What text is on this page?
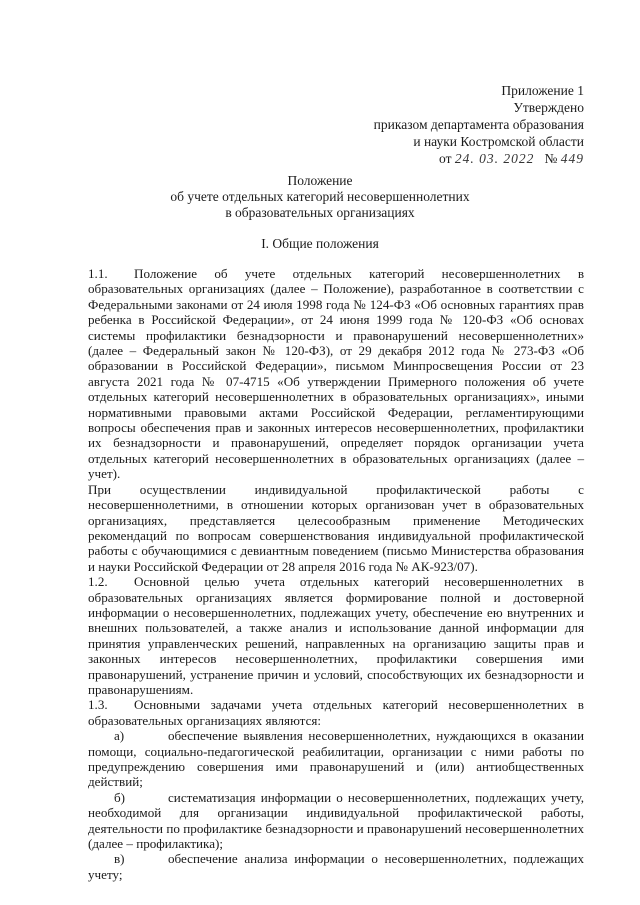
Приложение 1
Утверждено
приказом департамента образования
и науки Костромской области
от 24. 03. 2022 № 449
Положение
об учете отдельных категорий несовершеннолетних
в образовательных организациях
I. Общие положения

1.1. Положение об учете отдельных категорий несовершеннолетних в образовательных организациях (далее – Положение), разработанное в соответствии с Федеральными законами от 24 июля 1998 года № 124-ФЗ «Об основных гарантиях прав ребенка в Российской Федерации», от 24 июня 1999 года № 120-ФЗ «Об основах системы профилактики безнадзорности и правонарушений несовершеннолетних» (далее – Федеральный закон № 120-ФЗ), от 29 декабря 2012 года № 273-ФЗ «Об образовании в Российской Федерации», письмом Минпросвещения России от 23 августа 2021 года № 07-4715 «Об утверждении Примерного положения об учете отдельных категорий несовершеннолетних в образовательных организациях», иными нормативными правовыми актами Российской Федерации, регламентирующими вопросы обеспечения прав и законных интересов несовершеннолетних, профилактики их безнадзорности и правонарушений, определяет порядок организации учета отдельных категорий несовершеннолетних в образовательных организациях (далее – учет).

При осуществлении индивидуальной профилактической работы с несовершеннолетними, в отношении которых организован учет в образовательных организациях, представляется целесообразным применение Методических рекомендаций по вопросам совершенствования индивидуальной профилактической работы с обучающимися с девиантным поведением (письмо Министерства образования и науки Российской Федерации от 28 апреля 2016 года № АК-923/07).

1.2. Основной целью учета отдельных категорий несовершеннолетних в образовательных организациях является формирование полной и достоверной информации о несовершеннолетних, подлежащих учету, обеспечение ею внутренних и внешних пользователей, а также анализ и использование данной информации для принятия управленческих решений, направленных на организацию защиты прав и законных интересов несовершеннолетних, профилактики совершения ими правонарушений, устранение причин и условий, способствующих их безнадзорности и правонарушениям.

1.3. Основными задачами учета отдельных категорий несовершеннолетних в образовательных организациях являются:

а)	обеспечение выявления несовершеннолетних, нуждающихся в оказании помощи, социально-педагогической реабилитации, организации с ними работы по предупреждению совершения ими правонарушений и (или) антиобщественных действий;

б)	систематизация информации о несовершеннолетних, подлежащих учету, необходимой для организации индивидуальной профилактической работы, деятельности по профилактике безнадзорности и правонарушений несовершеннолетних (далее – профилактика);

в)	обеспечение анализа информации о несовершеннолетних, подлежащих учету;
